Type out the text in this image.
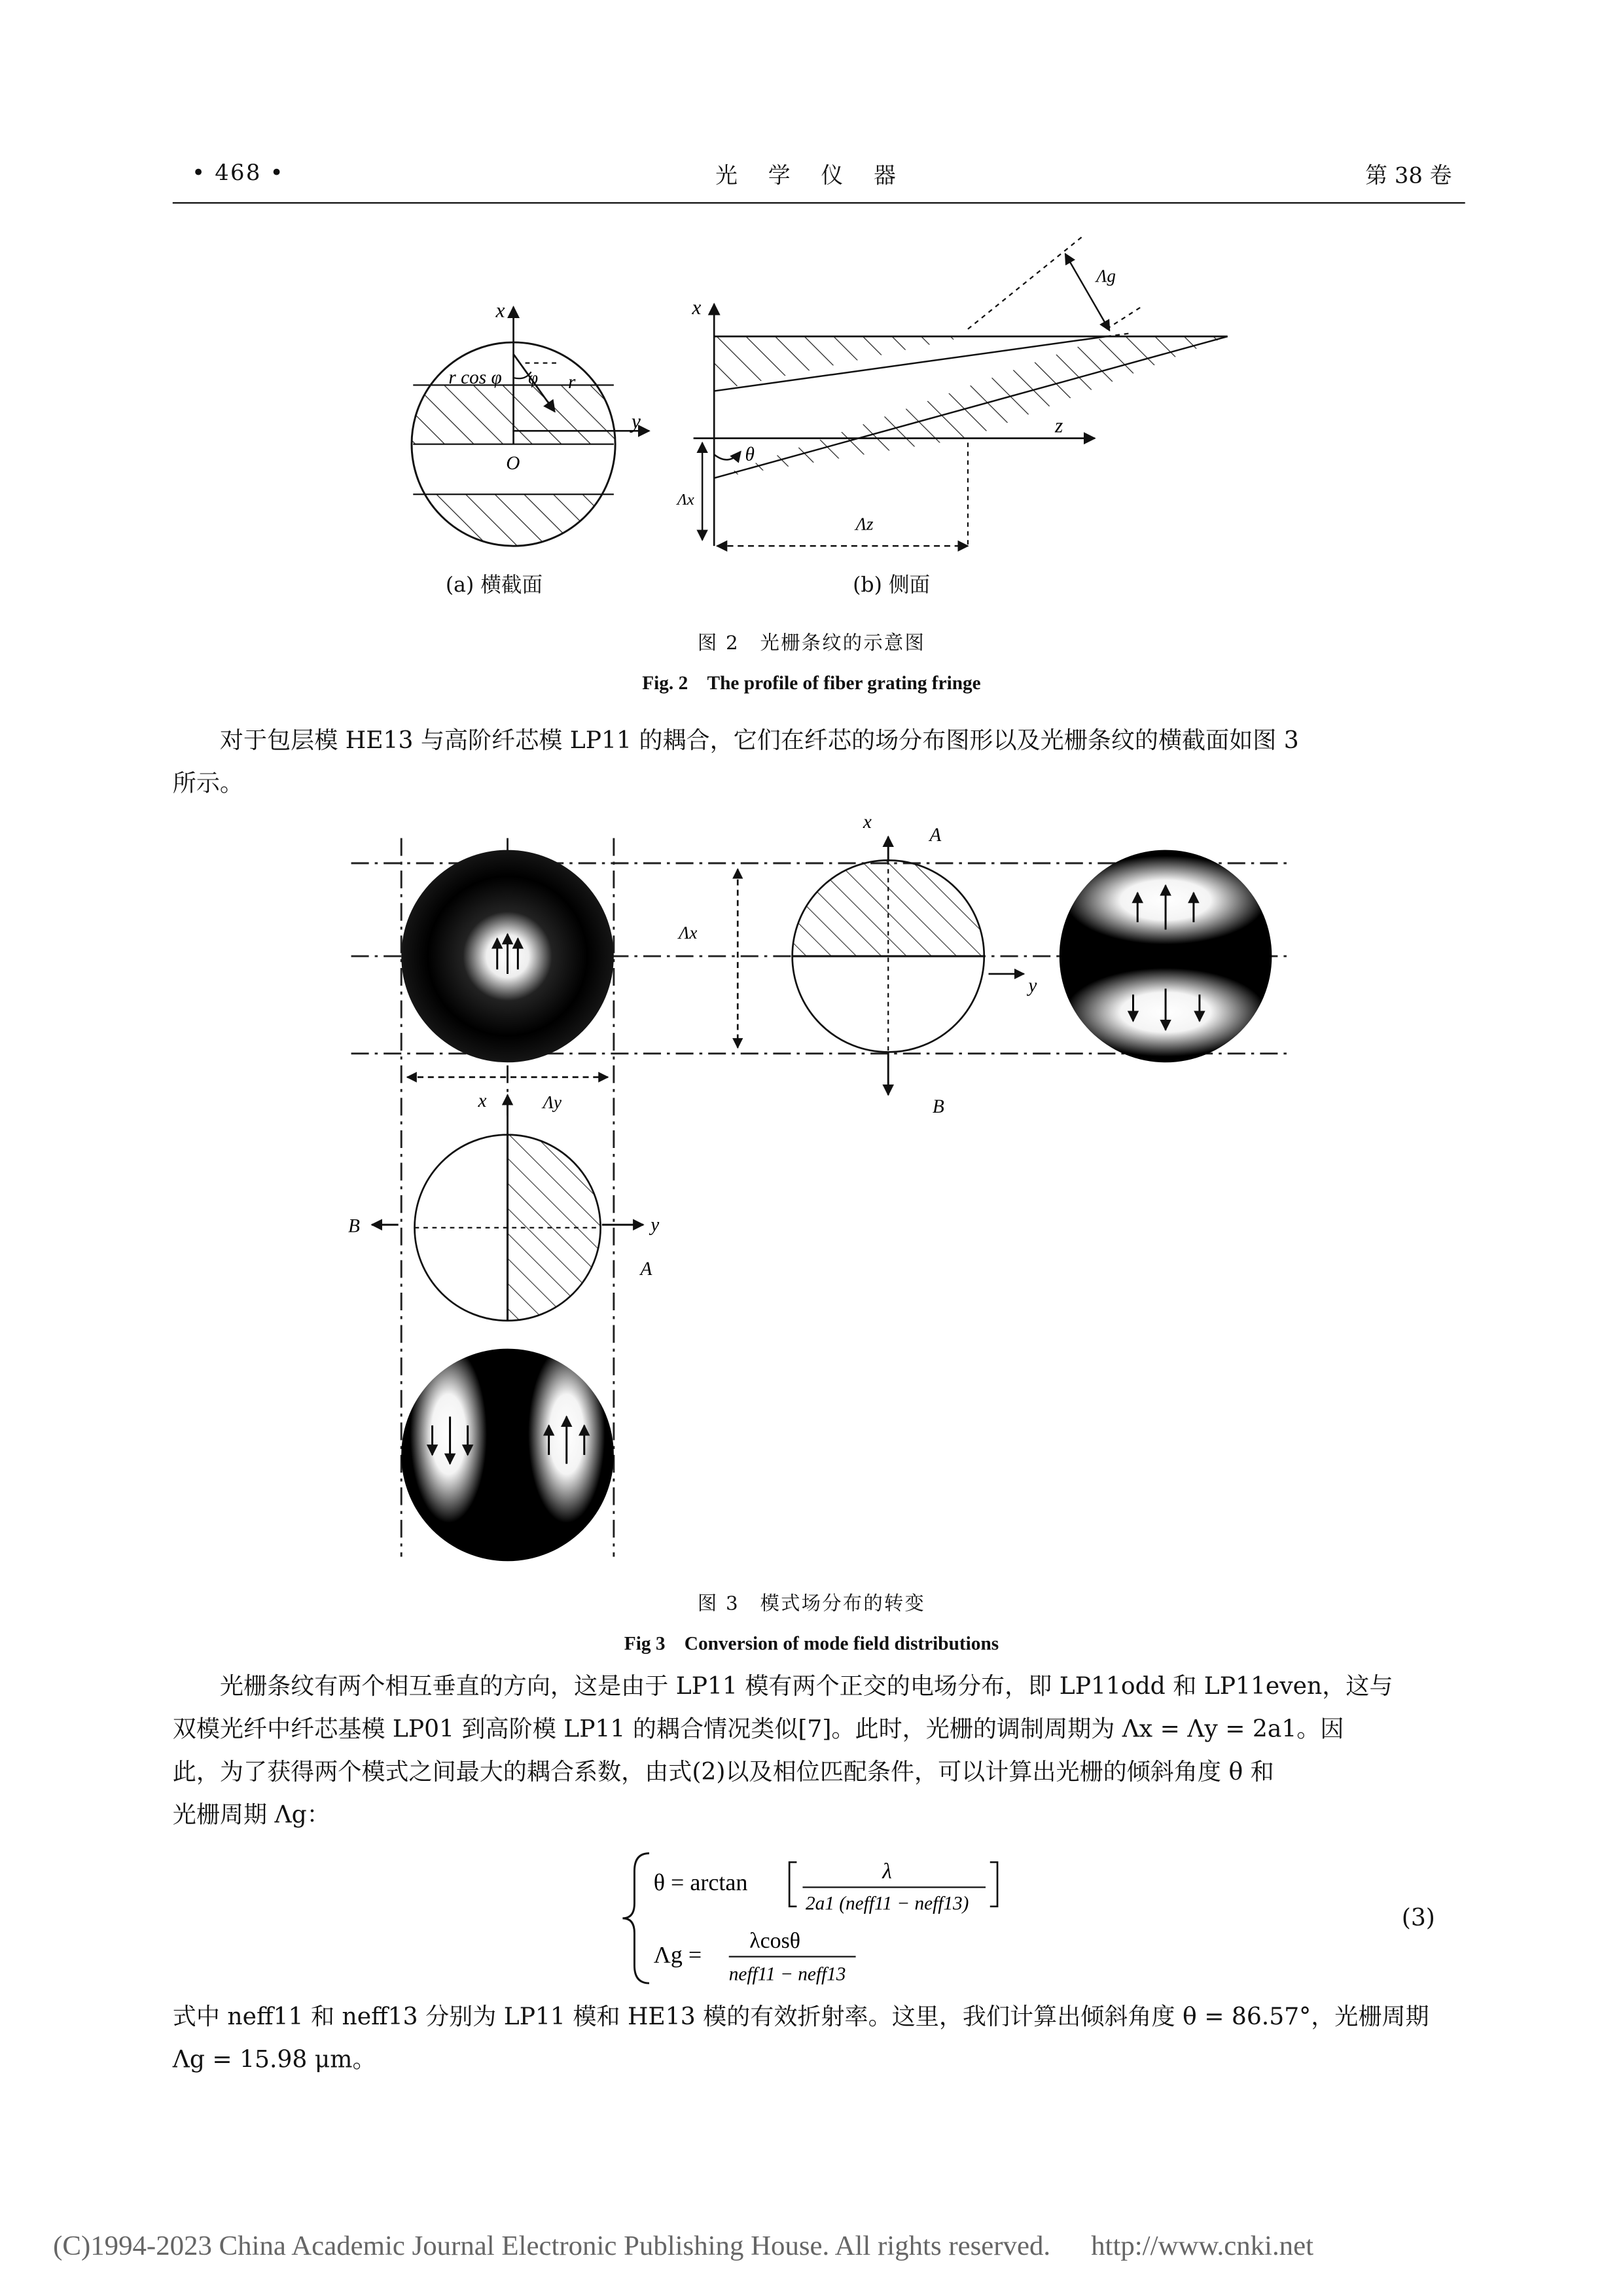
• 468 •	光 学 仪 器	第 38 卷
x
y
O
r cos φ	φ	r
x
z
θ
Λg
Λx
Λz
(a) 横截面	(b) 侧面
图 2　光栅条纹的示意图
Fig. 2　The profile of fiber grating fringe
对于包层模 HE13 与高阶纤芯模 LP11 的耦合，它们在纤芯的场分布图形以及光栅条纹的横截面如图 3
所示。
Λx
x
A
y
B
x	Λy
B	y
A
图 3　模式场分布的转变
Fig 3　Conversion of mode field distributions
光栅条纹有两个相互垂直的方向，这是由于 LP11 模有两个正交的电场分布，即 LP11odd 和 LP11even，这与
双模光纤中纤芯基模 LP01 到高阶模 LP11 的耦合情况类似[7]。此时，光栅的调制周期为 Λx = Λy = 2a1。因
此，为了获得两个模式之间最大的耦合系数，由式(2)以及相位匹配条件，可以计算出光栅的倾斜角度 θ 和
光栅周期 Λg：
θ = arctan	λ
2a1 (neff11 − neff13)
Λg =
λcosθ
neff11 − neff13
(3)
式中 neff11 和 neff13 分别为 LP11 模和 HE13 模的有效折射率。这里，我们计算出倾斜角度 θ = 86.57°，光栅周期
Λg = 15.98 μm。
(C)1994-2023 China Academic Journal Electronic Publishing House. All rights reserved.	http://www.cnki.net
